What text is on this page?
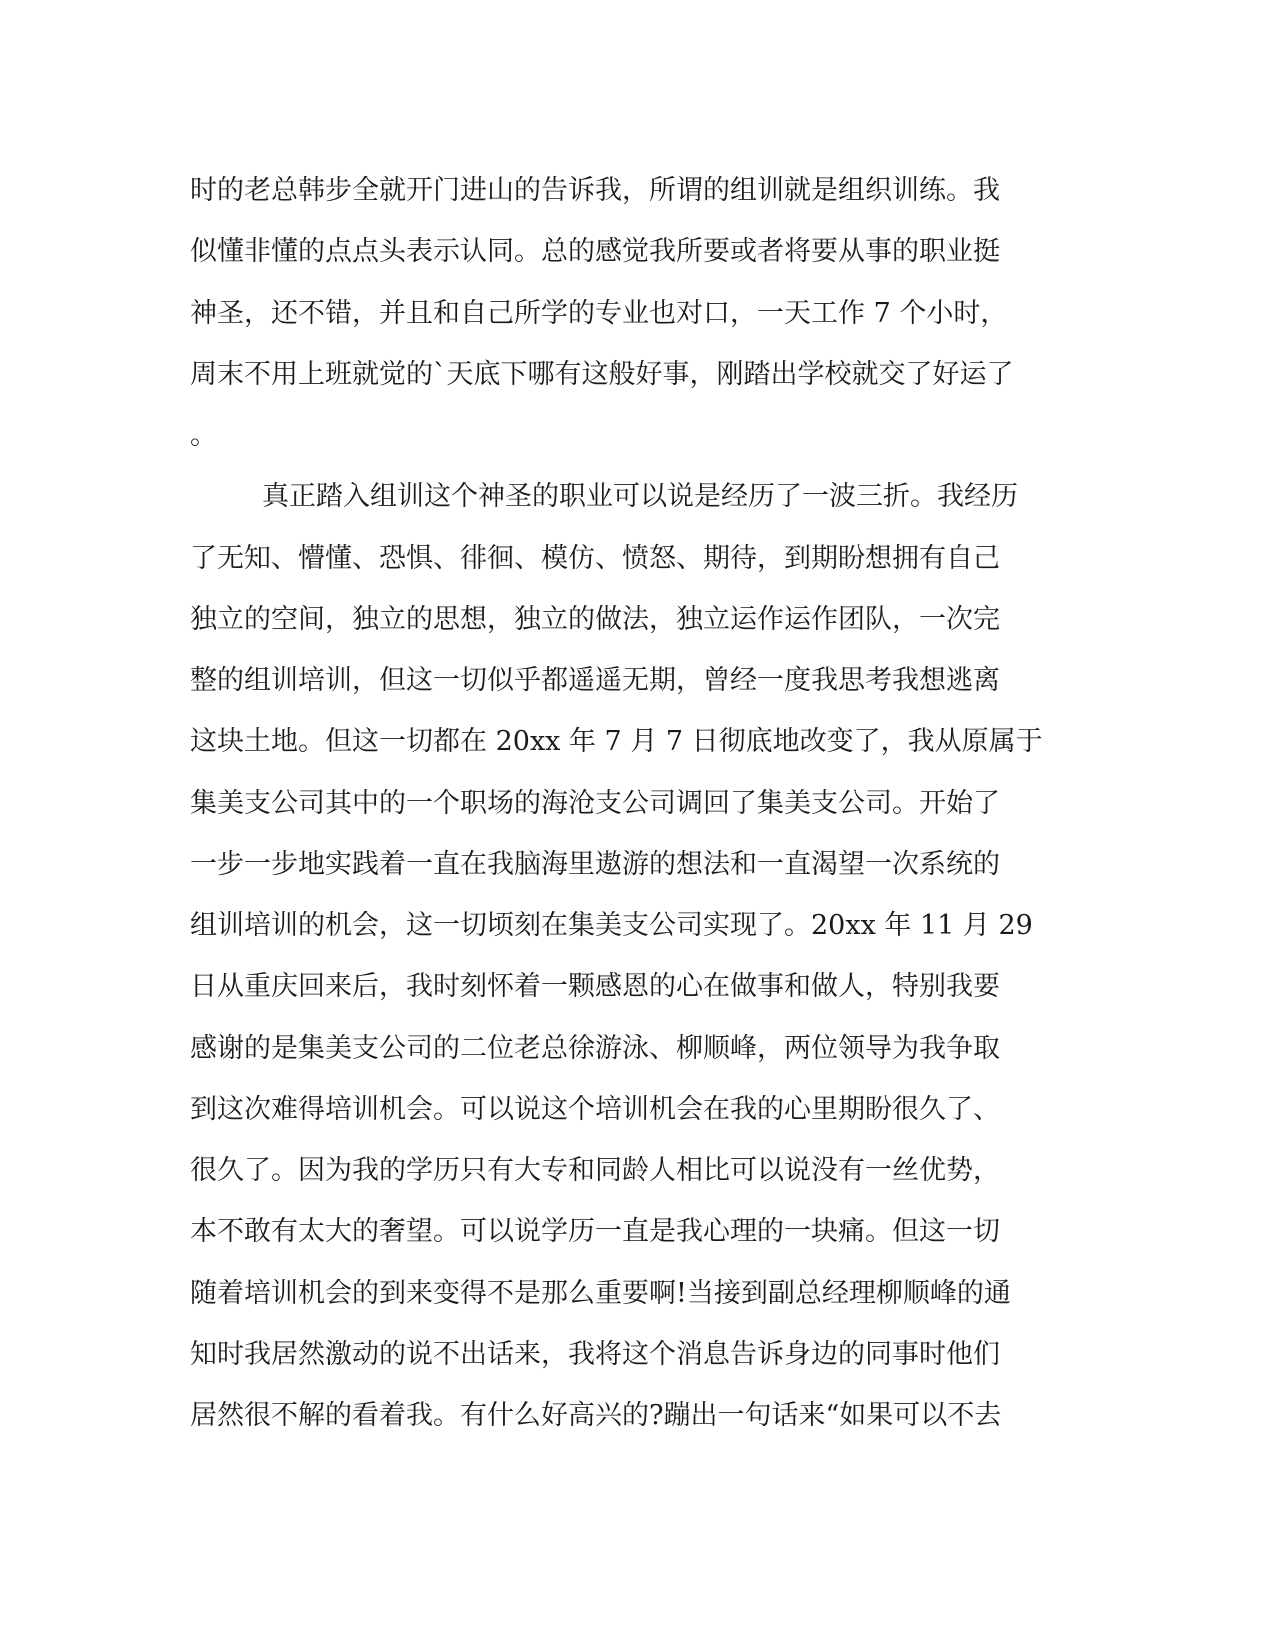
时的老总韩步全就开门进山的告诉我，所谓的组训就是组织训练。我
似懂非懂的点点头表示认同。总的感觉我所要或者将要从事的职业挺
神圣，还不错，并且和自己所学的专业也对口，一天工作 7 个小时，
周末不用上班就觉的`天底下哪有这般好事，刚踏出学校就交了好运了
。
真正踏入组训这个神圣的职业可以说是经历了一波三折。我经历
了无知、懵懂、恐惧、徘徊、模仿、愤怒、期待，到期盼想拥有自己
独立的空间，独立的思想，独立的做法，独立运作运作团队，一次完
整的组训培训，但这一切似乎都遥遥无期，曾经一度我思考我想逃离
这块土地。但这一切都在 20xx 年 7 月 7 日彻底地改变了，我从原属于
集美支公司其中的一个职场的海沧支公司调回了集美支公司。开始了
一步一步地实践着一直在我脑海里遨游的想法和一直渴望一次系统的
组训培训的机会，这一切顷刻在集美支公司实现了。20xx 年 11 月 29
日从重庆回来后，我时刻怀着一颗感恩的心在做事和做人，特别我要
感谢的是集美支公司的二位老总徐游泳、柳顺峰，两位领导为我争取
到这次难得培训机会。可以说这个培训机会在我的心里期盼很久了、
很久了。因为我的学历只有大专和同龄人相比可以说没有一丝优势，
本不敢有太大的奢望。可以说学历一直是我心理的一块痛。但这一切
随着培训机会的到来变得不是那么重要啊!当接到副总经理柳顺峰的通
知时我居然激动的说不出话来，我将这个消息告诉身边的同事时他们
居然很不解的看着我。有什么好高兴的?蹦出一句话来“如果可以不去
